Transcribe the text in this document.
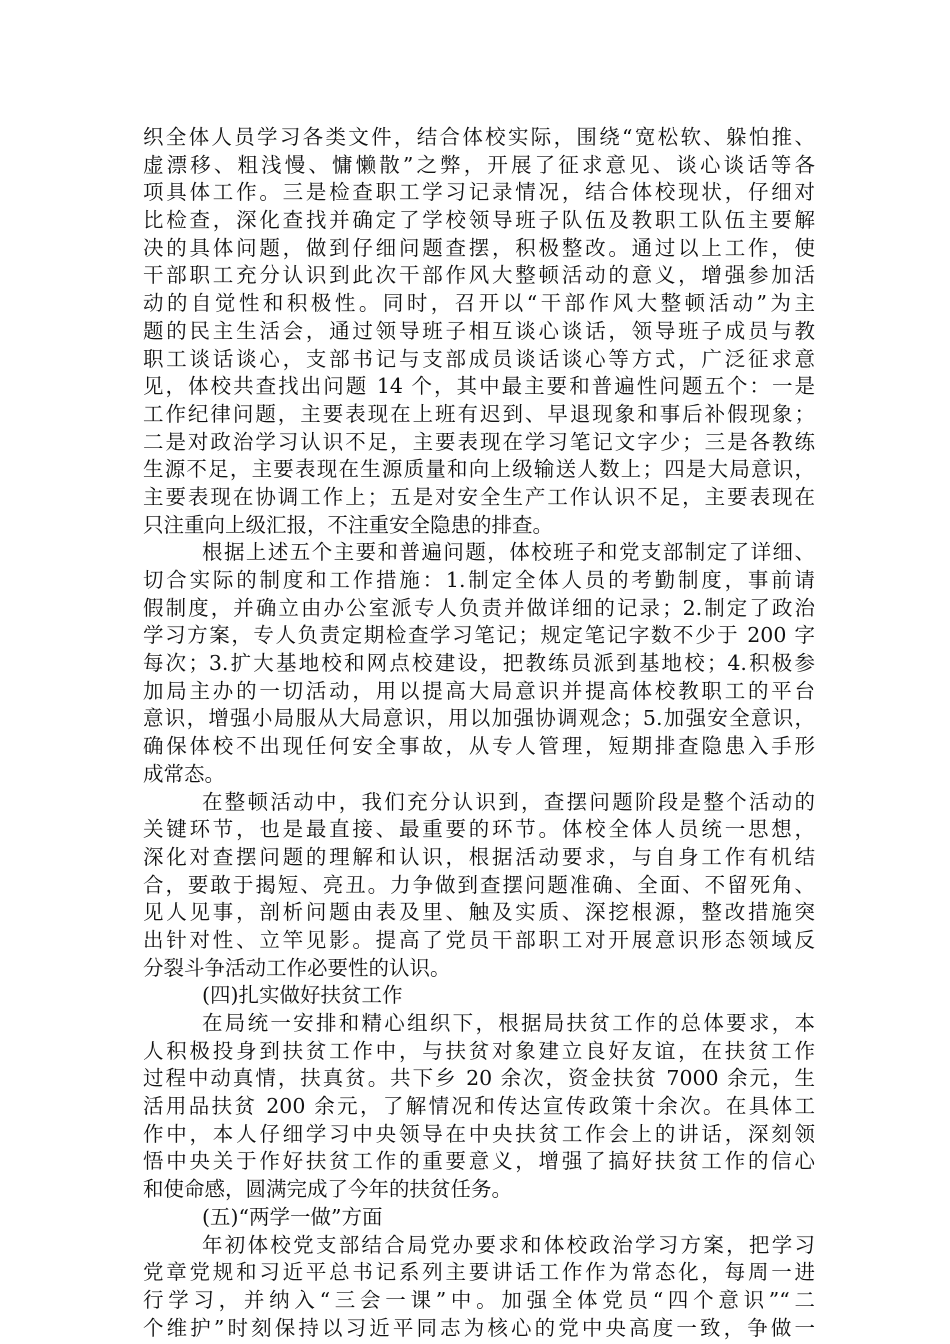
织全体人员学习各类文件，结合体校实际，围绕“宽松软、躲怕推、
虚漂移、粗浅慢、慵懒散”之弊，开展了征求意见、谈心谈话等各
项具体工作。三是检查职工学习记录情况，结合体校现状，仔细对
比检查，深化查找并确定了学校领导班子队伍及教职工队伍主要解
决的具体问题，做到仔细问题查摆，积极整改。通过以上工作，使
干部职工充分认识到此次干部作风大整顿活动的意义，增强参加活
动的自觉性和积极性。同时，召开以“干部作风大整顿活动”为主
题的民主生活会，通过领导班子相互谈心谈话，领导班子成员与教
职工谈话谈心，支部书记与支部成员谈话谈心等方式，广泛征求意
见，体校共查找出问题 14 个，其中最主要和普遍性问题五个：一是
工作纪律问题，主要表现在上班有迟到、早退现象和事后补假现象；
二是对政治学习认识不足，主要表现在学习笔记文字少；三是各教练
生源不足，主要表现在生源质量和向上级输送人数上；四是大局意识，
主要表现在协调工作上；五是对安全生产工作认识不足，主要表现在
只注重向上级汇报，不注重安全隐患的排查。
根据上述五个主要和普遍问题，体校班子和党支部制定了详细、
切合实际的制度和工作措施：1.制定全体人员的考勤制度，事前请
假制度，并确立由办公室派专人负责并做详细的记录；2.制定了政治
学习方案，专人负责定期检查学习笔记；规定笔记字数不少于 200 字
每次；3.扩大基地校和网点校建设，把教练员派到基地校；4.积极参
加局主办的一切活动，用以提高大局意识并提高体校教职工的平台
意识，增强小局服从大局意识，用以加强协调观念；5.加强安全意识，
确保体校不出现任何安全事故，从专人管理，短期排查隐患入手形
成常态。
在整顿活动中，我们充分认识到，查摆问题阶段是整个活动的
关键环节，也是最直接、最重要的环节。体校全体人员统一思想，
深化对查摆问题的理解和认识，根据活动要求，与自身工作有机结
合，要敢于揭短、亮丑。力争做到查摆问题准确、全面、不留死角、
见人见事，剖析问题由表及里、触及实质、深挖根源，整改措施突
出针对性、立竿见影。提高了党员干部职工对开展意识形态领域反
分裂斗争活动工作必要性的认识。
(四)扎实做好扶贫工作
在局统一安排和精心组织下，根据局扶贫工作的总体要求，本
人积极投身到扶贫工作中，与扶贫对象建立良好友谊，在扶贫工作
过程中动真情，扶真贫。共下乡 20 余次，资金扶贫 7000 余元，生
活用品扶贫 200 余元，了解情况和传达宣传政策十余次。在具体工
作中，本人仔细学习中央领导在中央扶贫工作会上的讲话，深刻领
悟中央关于作好扶贫工作的重要意义，增强了搞好扶贫工作的信心
和使命感，圆满完成了今年的扶贫任务。
(五)“两学一做”方面
年初体校党支部结合局党办要求和体校政治学习方案，把学习
党章党规和习近平总书记系列主要讲话工作作为常态化，每周一进
行学习，并纳入“三会一课”中。加强全体党员“四个意识”“二
个维护”时刻保持以习近平同志为核心的党中央高度一致，争做一
